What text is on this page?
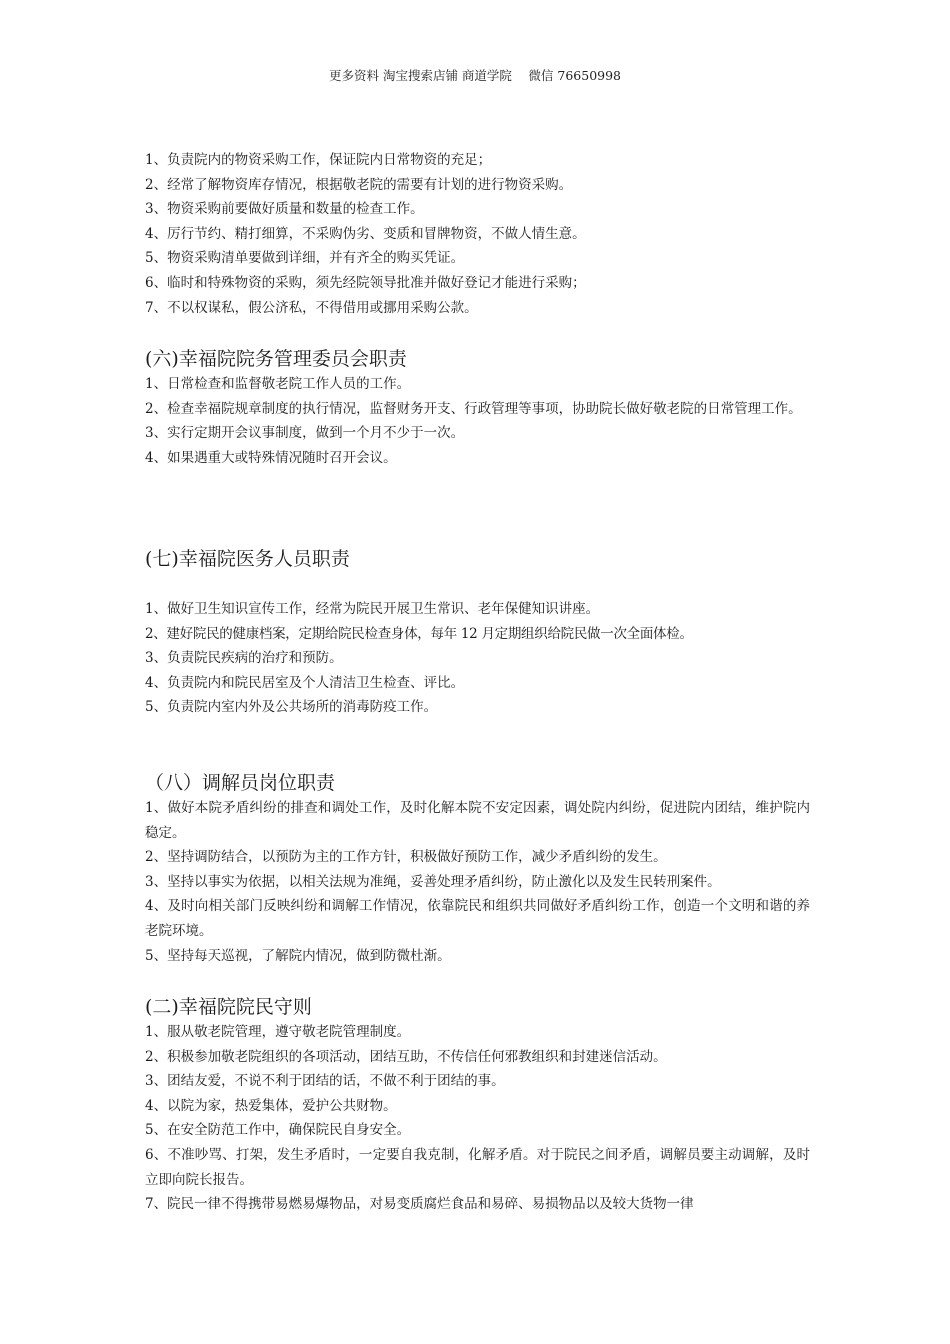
更多资料 淘宝搜索店铺 商道学院　 微信 76650998
1、负责院内的物资采购工作，保证院内日常物资的充足；
2、经常了解物资库存情况，根据敬老院的需要有计划的进行物资采购。
3、物资采购前要做好质量和数量的检查工作。
4、厉行节约、精打细算，不采购伪劣、变质和冒牌物资，不做人情生意。
5、物资采购清单要做到详细，并有齐全的购买凭证。
6、临时和特殊物资的采购，须先经院领导批准并做好登记才能进行采购；
7、不以权谋私，假公济私，不得借用或挪用采购公款。
(六)幸福院院务管理委员会职责
1、日常检查和监督敬老院工作人员的工作。
2、检查幸福院规章制度的执行情况，监督财务开支、行政管理等事项，协助院长做好敬老院的日常管理工作。
3、实行定期开会议事制度，做到一个月不少于一次。
4、如果遇重大或特殊情况随时召开会议。
(七)幸福院医务人员职责
1、做好卫生知识宣传工作，经常为院民开展卫生常识、老年保健知识讲座。
2、建好院民的健康档案，定期给院民检查身体，每年 12 月定期组织给院民做一次全面体检。
3、负责院民疾病的治疗和预防。
4、负责院内和院民居室及个人清洁卫生检查、评比。
5、负责院内室内外及公共场所的消毒防疫工作。
（八）调解员岗位职责
1、做好本院矛盾纠纷的排查和调处工作，及时化解本院不安定因素，调处院内纠纷，促进院内团结，维护院内稳定。
2、坚持调防结合，以预防为主的工作方针，积极做好预防工作，减少矛盾纠纷的发生。
3、坚持以事实为依据，以相关法规为准绳，妥善处理矛盾纠纷，防止激化以及发生民转刑案件。
4、及时向相关部门反映纠纷和调解工作情况，依靠院民和组织共同做好矛盾纠纷工作，创造一个文明和谐的养老院环境。
5、坚持每天巡视，了解院内情况，做到防微杜渐。
(二)幸福院院民守则
1、服从敬老院管理，遵守敬老院管理制度。
2、积极参加敬老院组织的各项活动，团结互助，不传信任何邪教组织和封建迷信活动。
3、团结友爱，不说不利于团结的话，不做不利于团结的事。
4、以院为家，热爱集体，爱护公共财物。
5、在安全防范工作中，确保院民自身安全。
6、不准吵骂、打架，发生矛盾时，一定要自我克制，化解矛盾。对于院民之间矛盾，调解员要主动调解，及时立即向院长报告。
7、院民一律不得携带易燃易爆物品，对易变质腐烂食品和易碎、易损物品以及较大货物一律
